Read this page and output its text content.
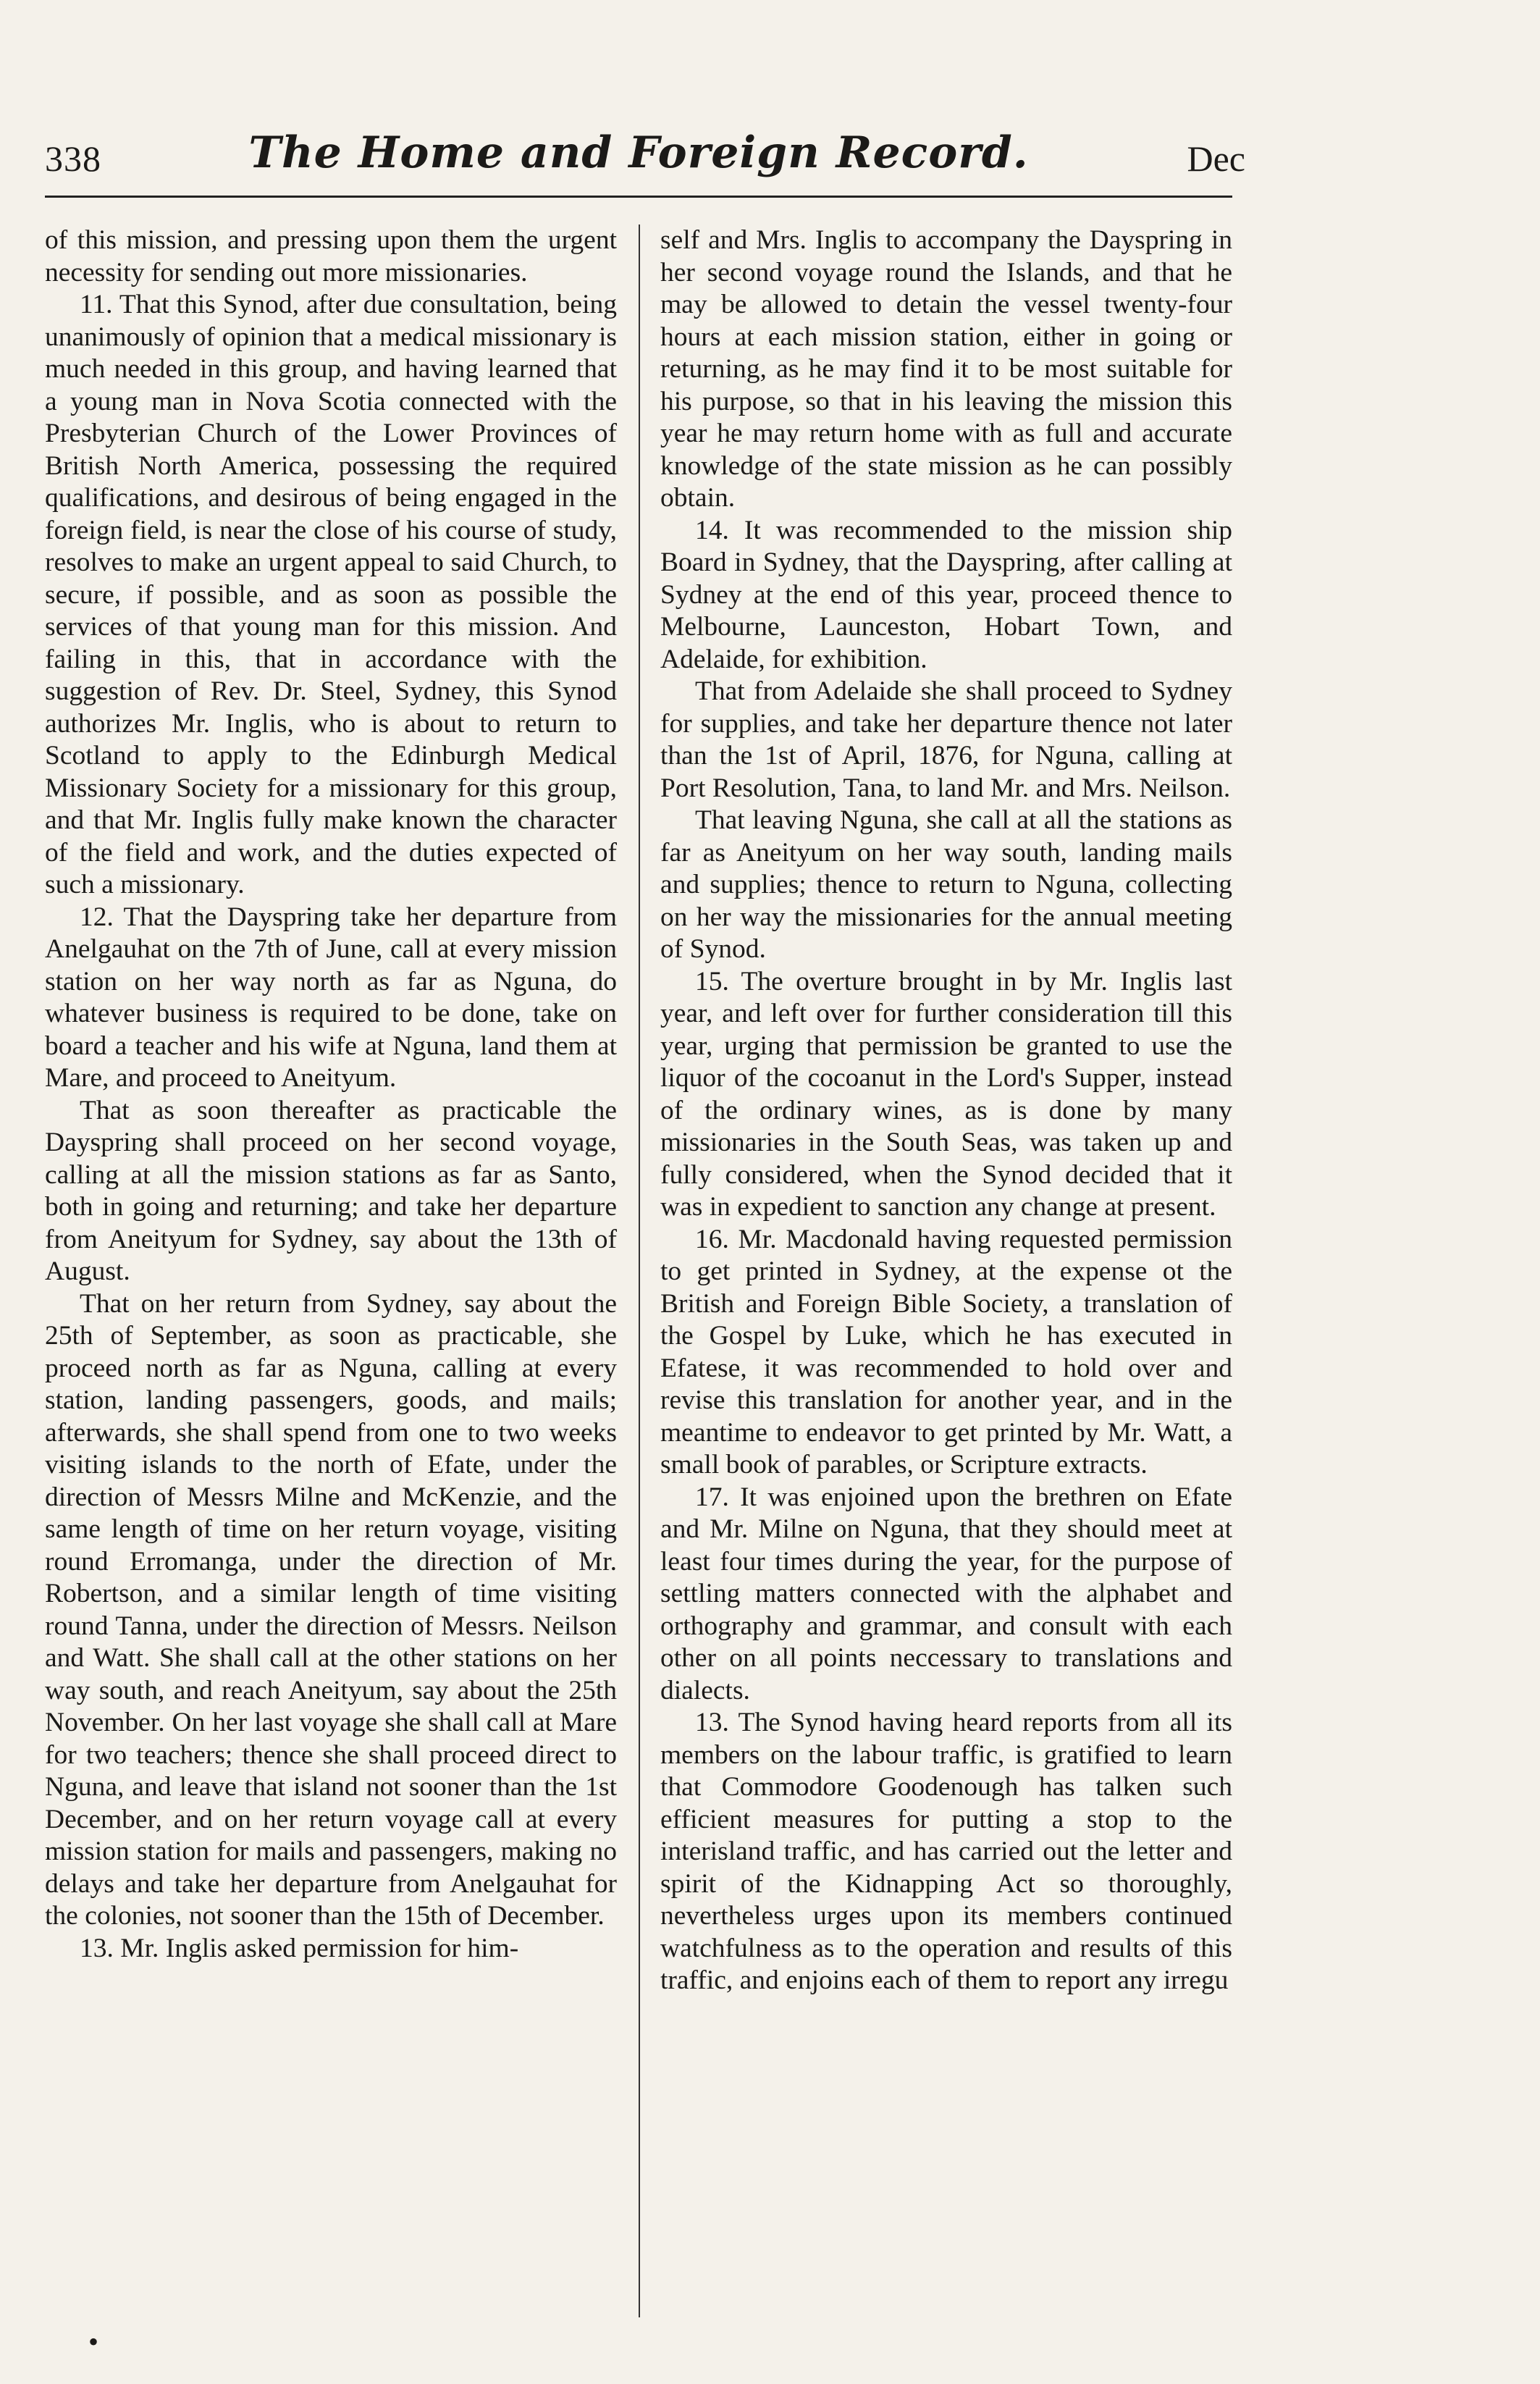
338	The Home and Foreign Record.	Dec

of this mission, and pressing upon them the urgent necessity for sending out more missionaries.

11. That this Synod, after due consultation, being unanimously of opinion that a medical missionary is much needed in this group, and having learned that a young man in Nova Scotia connected with the Presbyterian Church of the Lower Provinces of British North America, possessing the required qualifications, and desirous of being engaged in the foreign field, is near the close of his course of study, resolves to make an urgent appeal to said Church, to secure, if possible, and as soon as possible the services of that young man for this mission. And failing in this, that in accordance with the suggestion of Rev. Dr. Steel, Sydney, this Synod authorizes Mr. Inglis, who is about to return to Scotland to apply to the Edinburgh Medical Missionary Society for a missionary for this group, and that Mr. Inglis fully make known the character of the field and work, and the duties expected of such a missionary.

12. That the Dayspring take her departure from Anelgauhat on the 7th of June, call at every mission station on her way north as far as Nguna, do whatever business is required to be done, take on board a teacher and his wife at Nguna, land them at Mare, and proceed to Aneityum.

That as soon thereafter as practicable the Dayspring shall proceed on her second voyage, calling at all the mission stations as far as Santo, both in going and returning; and take her departure from Aneityum for Sydney, say about the 13th of August.

That on her return from Sydney, say about the 25th of September, as soon as practicable, she proceed north as far as Nguna, calling at every station, landing passengers, goods, and mails; afterwards, she shall spend from one to two weeks visiting islands to the north of Efate, under the direction of Messrs Milne and McKenzie, and the same length of time on her return voyage, visiting round Erromanga, under the direction of Mr. Robertson, and a similar length of time visiting round Tanna, under the direction of Messrs. Neilson and Watt. She shall call at the other stations on her way south, and reach Aneityum, say about the 25th November. On her last voyage she shall call at Mare for two teachers; thence she shall proceed direct to Nguna, and leave that island not sooner than the 1st December, and on her return voyage call at every mission station for mails and passengers, making no delays and take her departure from Anelgauhat for the colonies, not sooner than the 15th of December.

13. Mr. Inglis asked permission for him-

self and Mrs. Inglis to accompany the Dayspring in her second voyage round the Islands, and that he may be allowed to detain the vessel twenty-four hours at each mission station, either in going or returning, as he may find it to be most suitable for his purpose, so that in his leaving the mission this year he may return home with as full and accurate knowledge of the state mission as he can possibly obtain.

14. It was recommended to the mission ship Board in Sydney, that the Dayspring, after calling at Sydney at the end of this year, proceed thence to Melbourne, Launceston, Hobart Town, and Adelaide, for exhibition.

That from Adelaide she shall proceed to Sydney for supplies, and take her departure thence not later than the 1st of April, 1876, for Nguna, calling at Port Resolution, Tana, to land Mr. and Mrs. Neilson.

That leaving Nguna, she call at all the stations as far as Aneityum on her way south, landing mails and supplies; thence to return to Nguna, collecting on her way the missionaries for the annual meeting of Synod.

15. The overture brought in by Mr. Inglis last year, and left over for further consideration till this year, urging that permission be granted to use the liquor of the cocoanut in the Lord's Supper, instead of the ordinary wines, as is done by many missionaries in the South Seas, was taken up and fully considered, when the Synod decided that it was in expedient to sanction any change at present.

16. Mr. Macdonald having requested permission to get printed in Sydney, at the expense ot the British and Foreign Bible Society, a translation of the Gospel by Luke, which he has executed in Efatese, it was recommended to hold over and revise this translation for another year, and in the meantime to endeavor to get printed by Mr. Watt, a small book of parables, or Scripture extracts.

17. It was enjoined upon the brethren on Efate and Mr. Milne on Nguna, that they should meet at least four times during the year, for the purpose of settling matters connected with the alphabet and orthography and grammar, and consult with each other on all points neccessary to translations and dialects.

13. The Synod having heard reports from all its members on the labour traffic, is gratified to learn that Commodore Goodenough has talken such efficient measures for putting a stop to the interisland traffic, and has carried out the letter and spirit of the Kidnapping Act so thoroughly, nevertheless urges upon its members continued watchfulness as to the operation and results of this traffic, and enjoins each of them to report any irregu

•
